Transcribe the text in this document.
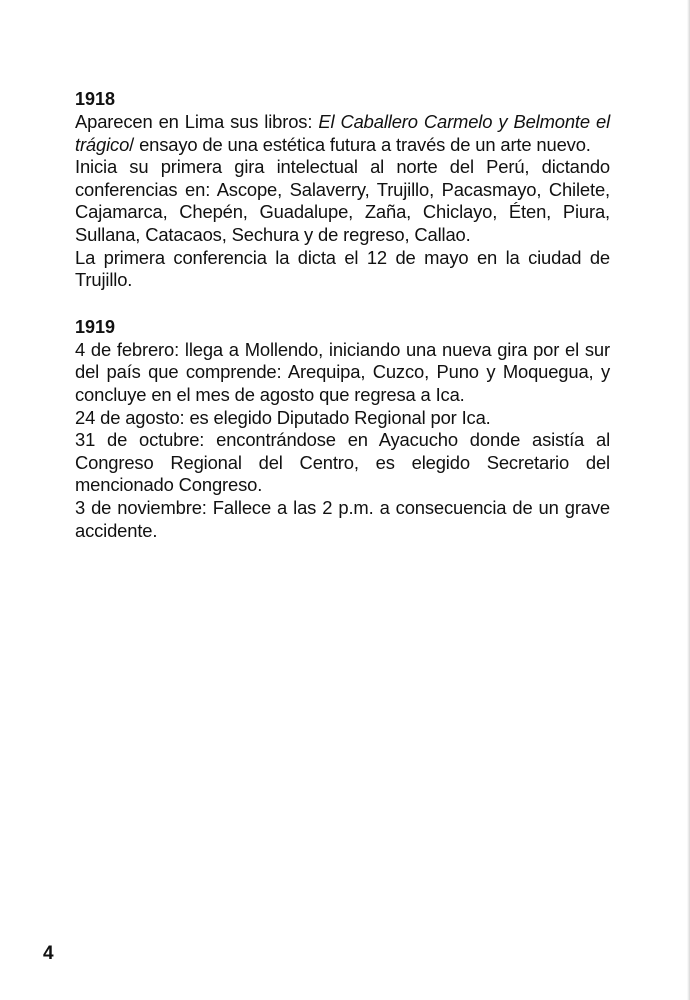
1918

Aparecen en Lima sus libros: El Caballero Carmelo y Belmonte el trágico/ ensayo de una estética futura a través de un arte nuevo.

Inicia su primera gira intelectual al norte del Perú, dictando conferencias en: Ascope, Salaverry, Trujillo, Pacasmayo, Chilete, Cajamarca, Chepén, Guadalupe, Zaña, Chiclayo, Éten, Piura, Sullana, Catacaos, Sechura y de regreso, Callao.

La primera conferencia la dicta el 12 de mayo en la ciudad de Trujillo.

1919

4 de febrero: llega a Mollendo, iniciando una nueva gira por el sur del país que comprende: Arequipa, Cuzco, Puno y Moquegua, y concluye en el mes de agosto que regresa a Ica.

24 de agosto: es elegido Diputado Regional por Ica.

31 de octubre: encontrándose en Ayacucho donde asistía al Congreso Regional del Centro, es elegido Secretario del mencionado Congreso.

3 de noviembre: Fallece a las 2 p.m. a consecuencia de un grave accidente.

4
